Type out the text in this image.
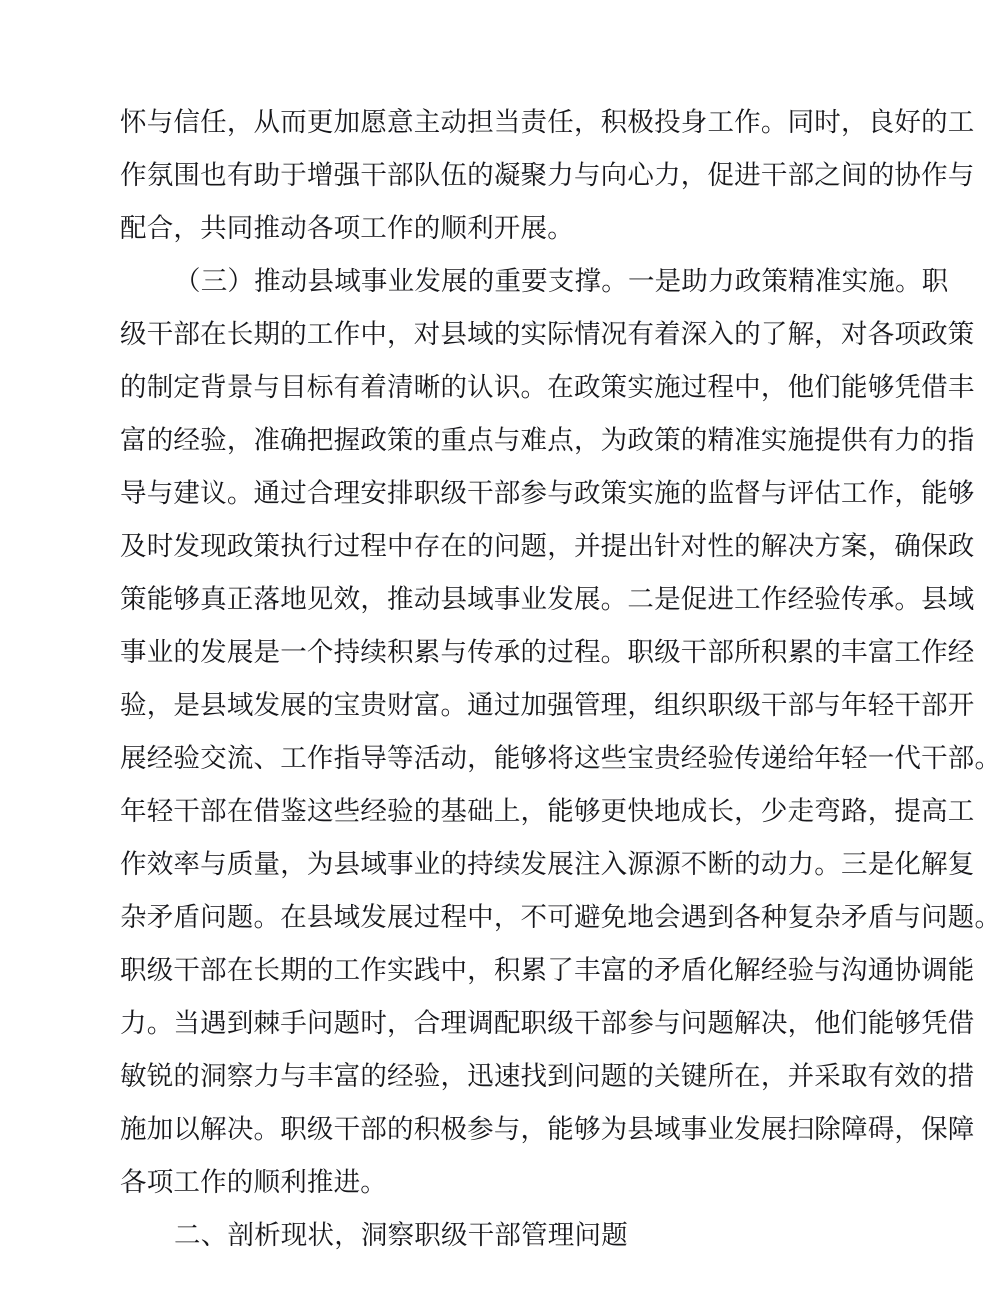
怀 与 信 任 ， 从 而 更 加 愿 意 主 动 担 当 责 任 ， 积 极 投 身 工 作 。 同 时 ， 良 好 的 工
作 氛 围 也 有 助 于 增 强 干 部 队 伍 的 凝 聚 力 与 向 心 力 ， 促 进 干 部 之 间 的 协 作 与
配合，共同推动各项工作的顺利开展。
（ 三 ） 推 动 县 域 事 业 发 展 的 重 要 支 撑 。 一 是 助 力 政 策 精 准 实 施 。 职
级 干 部 在 长 期 的 工 作 中 ， 对 县 域 的 实 际 情 况 有 着 深 入 的 了 解 ， 对 各 项 政 策
的 制 定 背 景 与 目 标 有 着 清 晰 的 认 识 。 在 政 策 实 施 过 程 中 ， 他 们 能 够 凭 借 丰
富 的 经 验 ， 准 确 把 握 政 策 的 重 点 与 难 点 ， 为 政 策 的 精 准 实 施 提 供 有 力 的 指
导 与 建 议 。 通 过 合 理 安 排 职 级 干 部 参 与 政 策 实 施 的 监 督 与 评 估 工 作 ， 能 够
及 时 发 现 政 策 执 行 过 程 中 存 在 的 问 题 ， 并 提 出 针 对 性 的 解 决 方 案 ， 确 保 政
策 能 够 真 正 落 地 见 效 ， 推 动 县 域 事 业 发 展 。 二 是 促 进 工 作 经 验 传 承 。 县 域
事 业 的 发 展 是 一 个 持 续 积 累 与 传 承 的 过 程 。 职 级 干 部 所 积 累 的 丰 富 工 作 经
验 ， 是 县 域 发 展 的 宝 贵 财 富 。 通 过 加 强 管 理 ， 组 织 职 级 干 部 与 年 轻 干 部 开
展 经 验 交 流 、 工 作 指 导 等 活 动 ， 能 够 将 这 些 宝 贵 经 验 传 递 给 年 轻 一 代 干 部 。
年 轻 干 部 在 借 鉴 这 些 经 验 的 基 础 上 ， 能 够 更 快 地 成 长 ， 少 走 弯 路 ， 提 高 工
作 效 率 与 质 量 ， 为 县 域 事 业 的 持 续 发 展 注 入 源 源 不 断 的 动 力 。 三 是 化 解 复
杂 矛 盾 问 题 。 在 县 域 发 展 过 程 中 ， 不 可 避 免 地 会 遇 到 各 种 复 杂 矛 盾 与 问 题 。
职 级 干 部 在 长 期 的 工 作 实 践 中 ， 积 累 了 丰 富 的 矛 盾 化 解 经 验 与 沟 通 协 调 能
力 。 当 遇 到 棘 手 问 题 时 ， 合 理 调 配 职 级 干 部 参 与 问 题 解 决 ， 他 们 能 够 凭 借
敏 锐 的 洞 察 力 与 丰 富 的 经 验 ， 迅 速 找 到 问 题 的 关 键 所 在 ， 并 采 取 有 效 的 措
施 加 以 解 决 。 职 级 干 部 的 积 极 参 与 ， 能 够 为 县 域 事 业 发 展 扫 除 障 碍 ， 保 障
各项工作的顺利推进。
二、剖析现状，洞察职级干部管理问题
